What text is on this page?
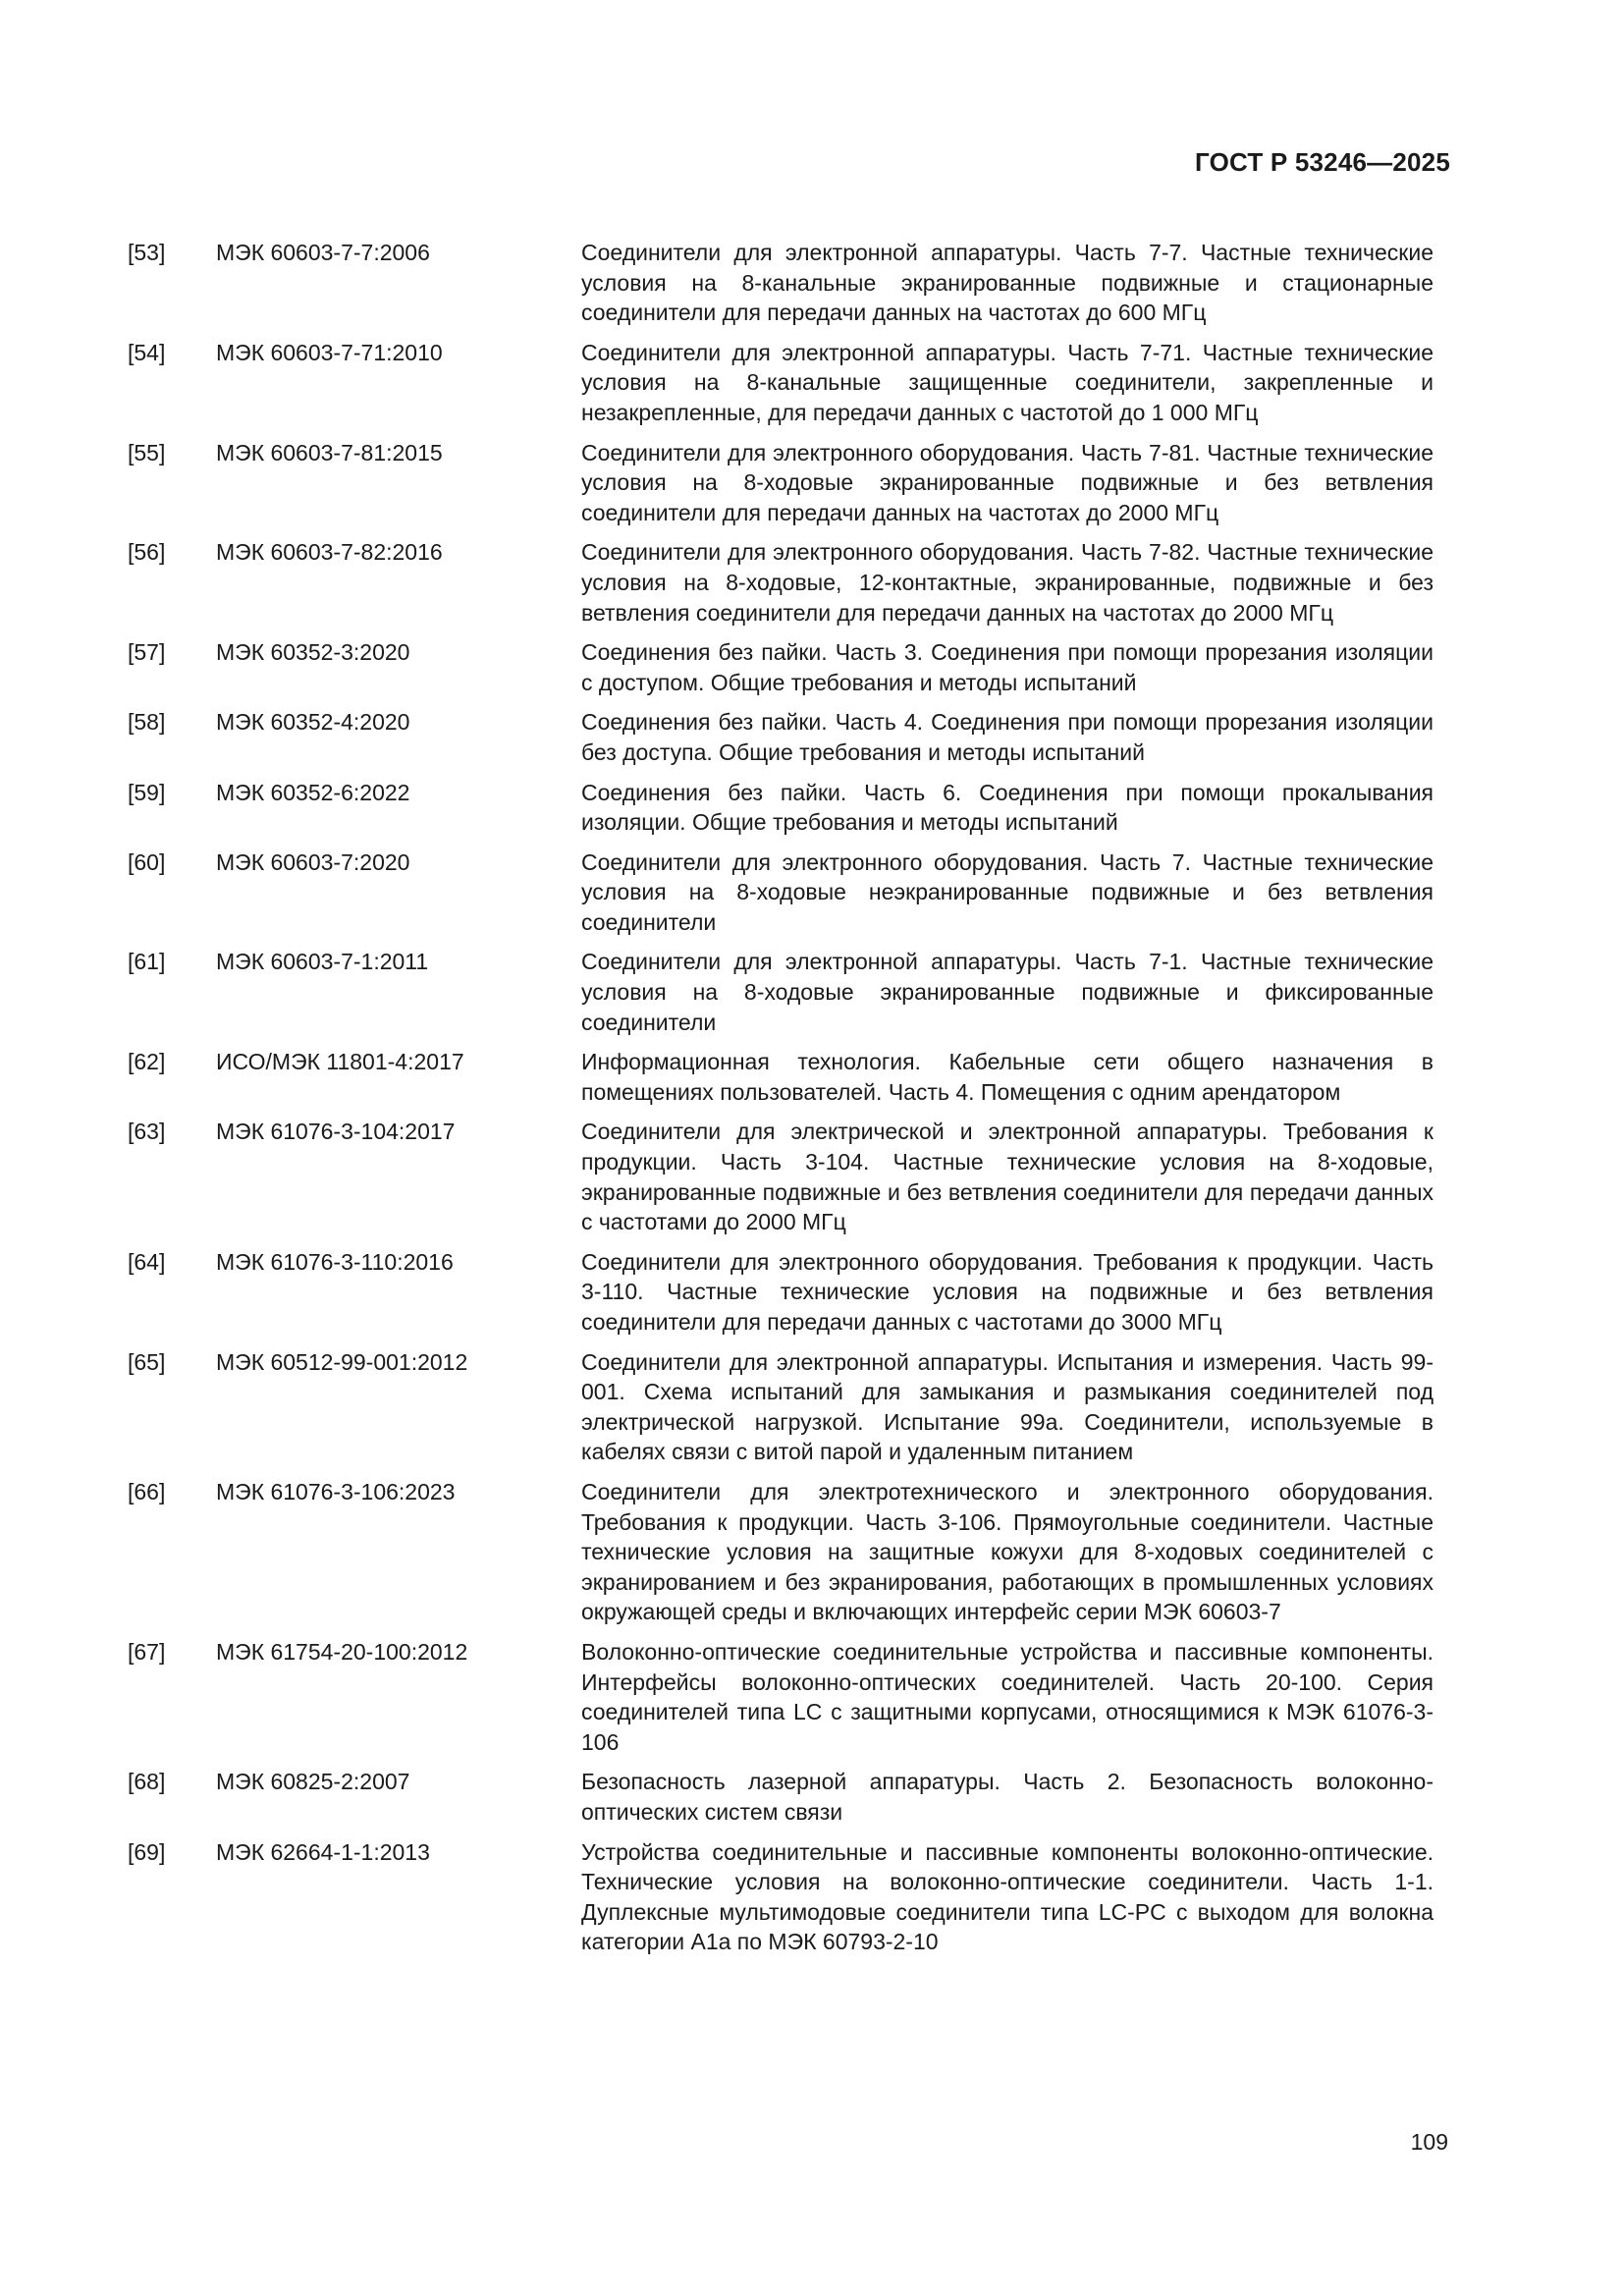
ГОСТ Р 53246—2025
[53]	МЭК 60603-7-7:2006	Соединители для электронной аппаратуры. Часть 7-7. Частные технические условия на 8-канальные экранированные подвижные и стационарные соединители для передачи данных на частотах до 600 МГц
[54]	МЭК 60603-7-71:2010	Соединители для электронной аппаратуры. Часть 7-71. Частные технические условия на 8-канальные защищенные соединители, закрепленные и незакрепленные, для передачи данных с частотой до 1 000 МГц
[55]	МЭК 60603-7-81:2015	Соединители для электронного оборудования. Часть 7-81. Частные технические условия на 8-ходовые экранированные подвижные и без ветвления соединители для передачи данных на частотах до 2000 МГц
[56]	МЭК 60603-7-82:2016	Соединители для электронного оборудования. Часть 7-82. Частные технические условия на 8-ходовые, 12-контактные, экранированные, подвижные и без ветвления соединители для передачи данных на частотах до 2000 МГц
[57]	МЭК 60352-3:2020	Соединения без пайки. Часть 3. Соединения при помощи прорезания изоляции с доступом. Общие требования и методы испытаний
[58]	МЭК 60352-4:2020	Соединения без пайки. Часть 4. Соединения при помощи прорезания изоляции без доступа. Общие требования и методы испытаний
[59]	МЭК 60352-6:2022	Соединения без пайки. Часть 6. Соединения при помощи прокалывания изоляции. Общие требования и методы испытаний
[60]	МЭК 60603-7:2020	Соединители для электронного оборудования. Часть 7. Частные технические условия на 8-ходовые неэкранированные подвижные и без ветвления соединители
[61]	МЭК 60603-7-1:2011	Соединители для электронной аппаратуры. Часть 7-1. Частные технические условия на 8-ходовые экранированные подвижные и фиксированные соединители
[62]	ИСО/МЭК 11801-4:2017	Информационная технология. Кабельные сети общего назначения в помещениях пользователей. Часть 4. Помещения с одним арендатором
[63]	МЭК 61076-3-104:2017	Соединители для электрической и электронной аппаратуры. Требования к продукции. Часть 3-104. Частные технические условия на 8-ходовые, экранированные подвижные и без ветвления соединители для передачи данных с частотами до 2000 МГц
[64]	МЭК 61076-3-110:2016	Соединители для электронного оборудования. Требования к продукции. Часть 3-110. Частные технические условия на подвижные и без ветвления соединители для передачи данных с частотами до 3000 МГц
[65]	МЭК 60512-99-001:2012	Соединители для электронной аппаратуры. Испытания и измерения. Часть 99-001. Схема испытаний для замыкания и размыкания соединителей под электрической нагрузкой. Испытание 99а. Соединители, используемые в кабелях связи с витой парой и удаленным питанием
[66]	МЭК 61076-3-106:2023	Соединители для электротехнического и электронного оборудования. Требования к продукции. Часть 3-106. Прямоугольные соединители. Частные технические условия на защитные кожухи для 8-ходовых соединителей с экранированием и без экранирования, работающих в промышленных условиях окружающей среды и включающих интерфейс серии МЭК 60603-7
[67]	МЭК 61754-20-100:2012	Волоконно-оптические соединительные устройства и пассивные компоненты. Интерфейсы волоконно-оптических соединителей. Часть 20-100. Серия соединителей типа LC с защитными корпусами, относящимися к МЭК 61076-3-106
[68]	МЭК 60825-2:2007	Безопасность лазерной аппаратуры. Часть 2. Безопасность волоконно-оптических систем связи
[69]	МЭК 62664-1-1:2013	Устройства соединительные и пассивные компоненты волоконно-оптические. Технические условия на волоконно-оптические соединители. Часть 1-1. Дуплексные мультимодовые соединители типа LC-PC с выходом для волокна категории А1а по МЭК 60793-2-10
109
